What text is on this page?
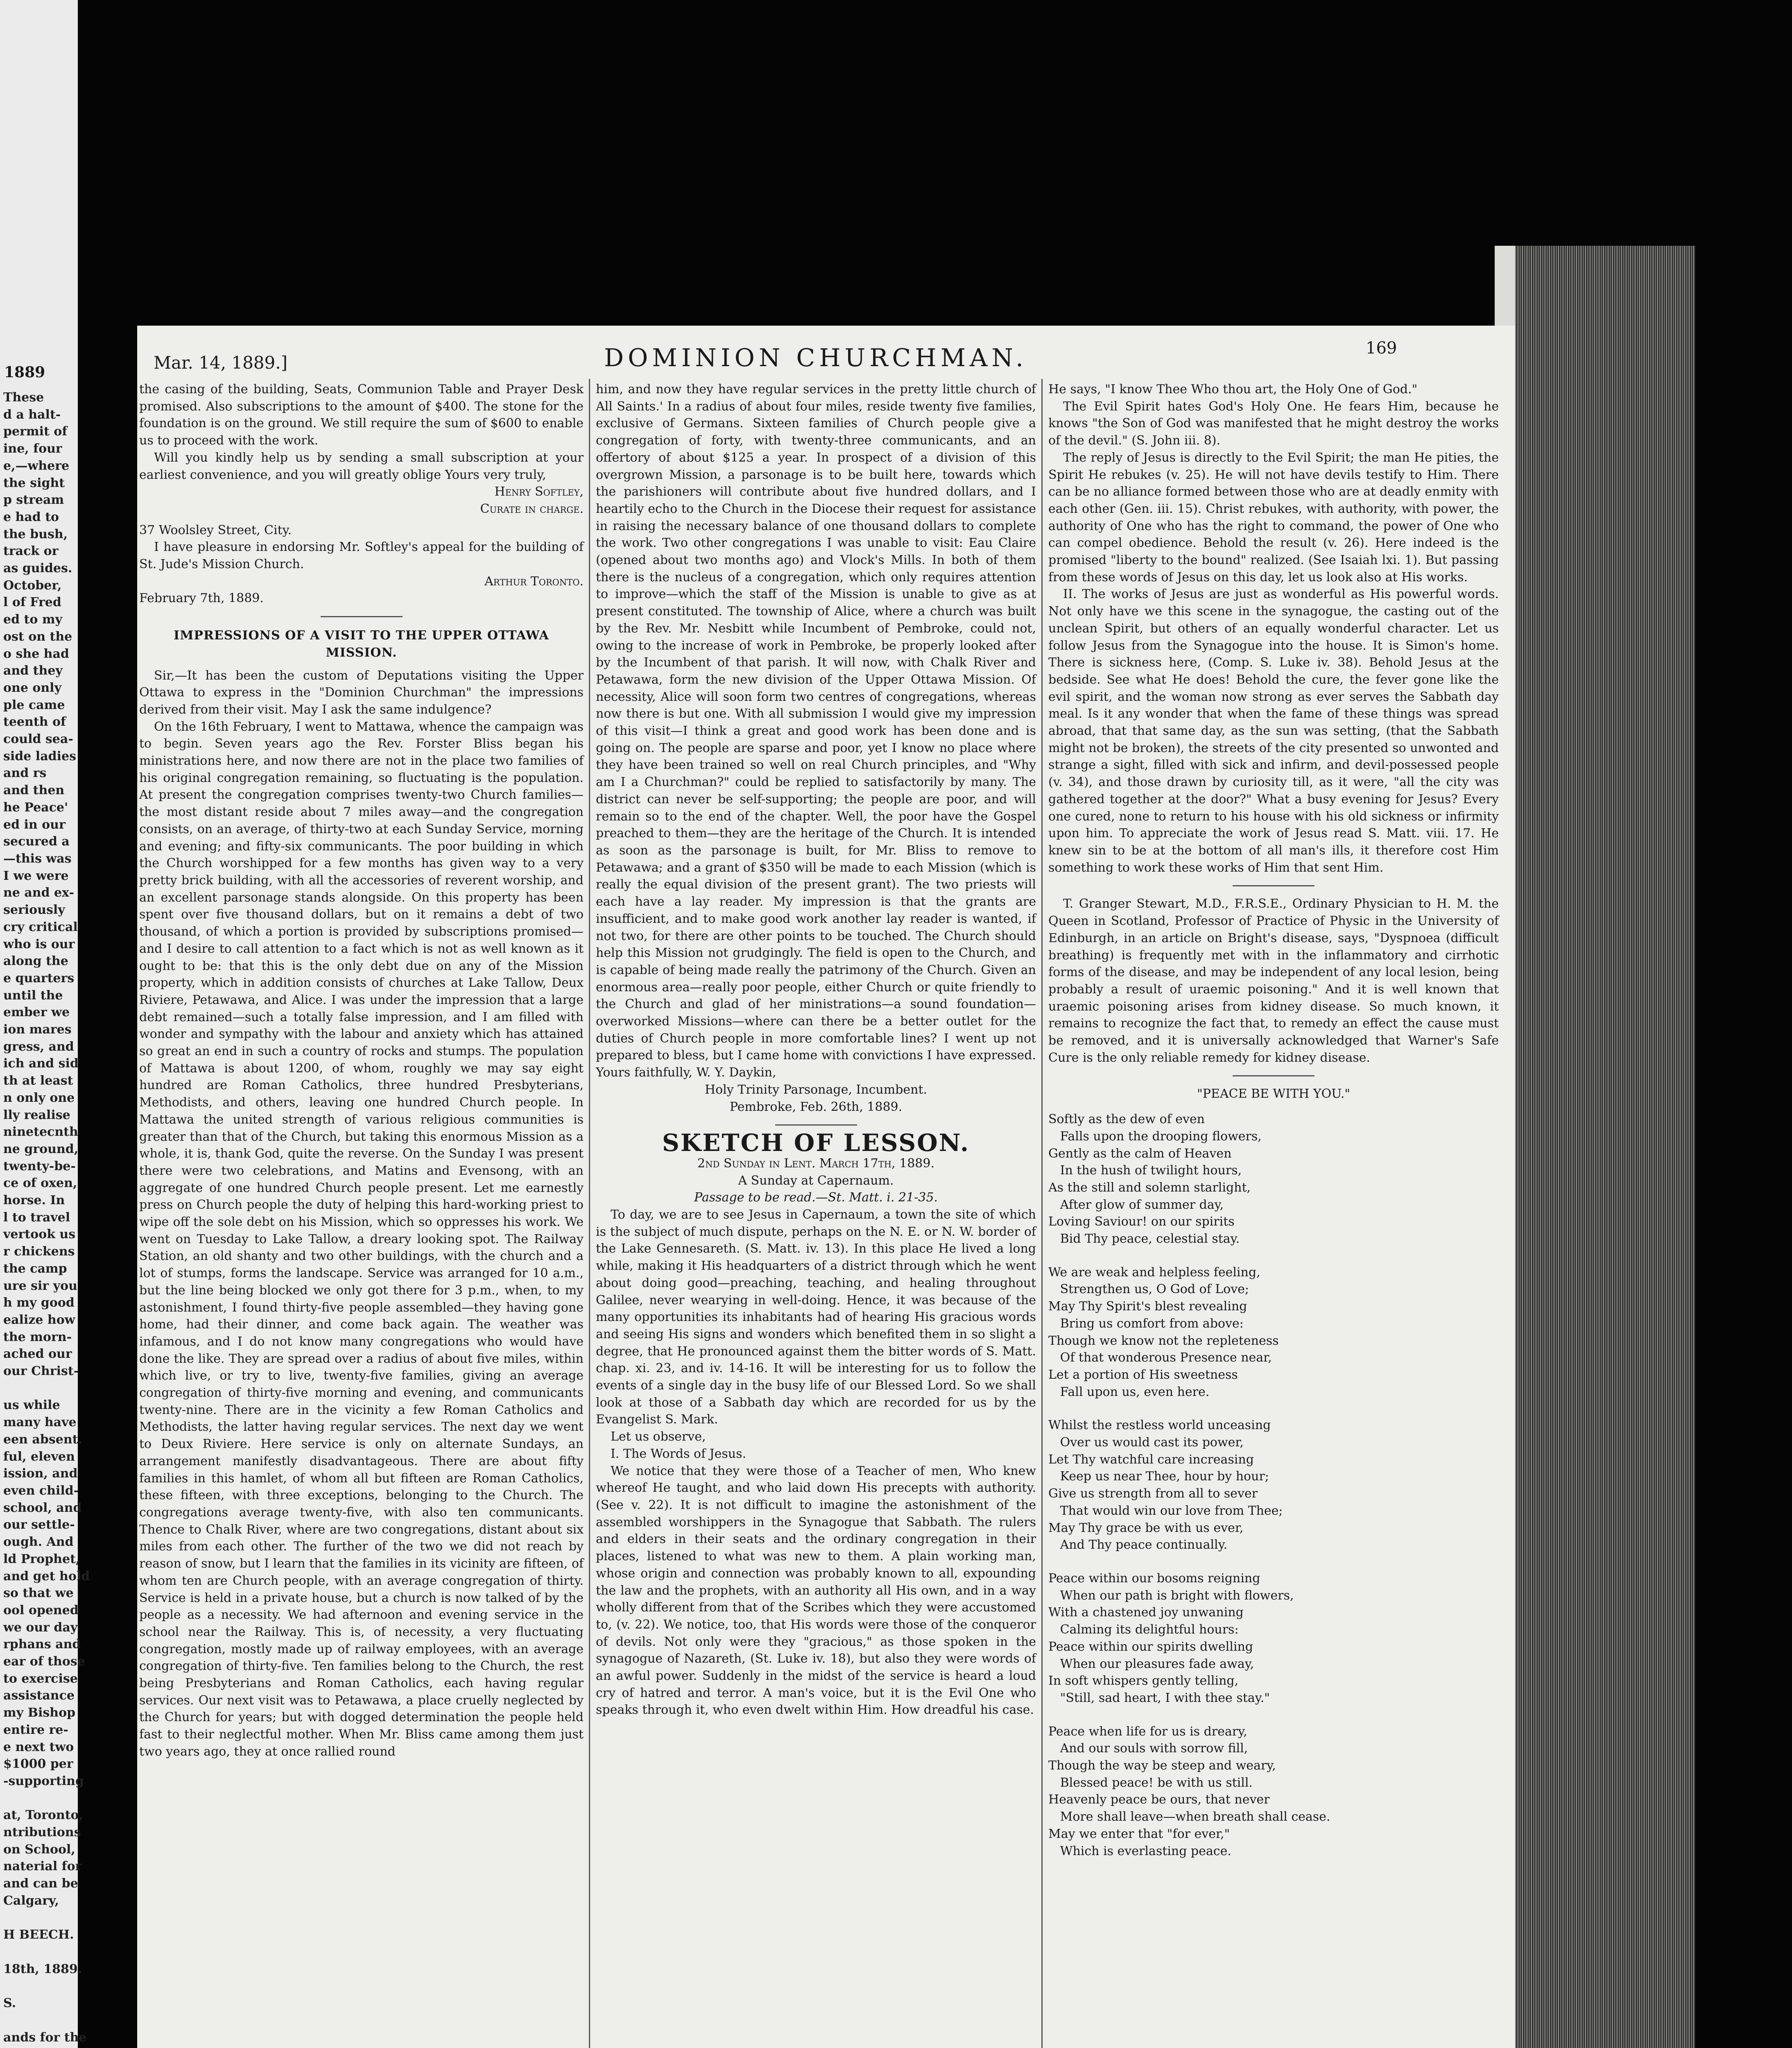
1889
These
d a halt-
permit of
ine, four
e,—where
the sight
p stream
e had to
the bush,
track or
as guides.
October,
l of Fred
ed to my
ost on the
o she had
and they
one only
ple came
teenth of
could sea-
side ladies
and rs
and then
he Peace'
ed in our
secured a
—this was
I we were
ne and ex-
seriously
cry critical
who is our
along the
e quarters
until the
ember we
ion mares
gress, and
ich and sid
th at least
n only one
lly realise
ninetecnth
ne ground,
twenty-be-
ce of oxen,
horse. In
l to travel
vertook us
r chickens
the camp
ure sir you
h my good
ealize how
the morn-
ached our
our Christ-

us while
many have
een absent.
ful, eleven
ission, and
even child-
school, and
our settle-
ough. And
ld Prophet,
and get hold
so that we
ool opened
we our day
rphans and
ear of those
to exercise
assistance
my Bishop
entire re-
e next two
$1000 per
-supporting

at, Toronto,
ntributions
on School,
naterial for
and can be
Calgary,

H BEECH.

18th, 1889.

S.

ands for the

Mar. 14, 1889.]	DOMINION CHURCHMAN.	169

the casing of the building, Seats, Communion Table and Prayer Desk promised. Also subscriptions to the amount of $400. The stone for the foundation is on the ground. We still require the sum of $600 to enable us to proceed with the work.

Will you kindly help us by sending a small subscription at your earliest convenience, and you will greatly oblige Yours very truly,

Henry Softley,

Curate in charge.

37 Woolsley Street, City.

I have pleasure in endorsing Mr. Softley's appeal for the building of St. Jude's Mission Church.

Arthur Toronto.

February 7th, 1889.

IMPRESSIONS OF A VISIT TO THE UPPER OTTAWA MISSION.

Sir,—It has been the custom of Deputations visiting the Upper Ottawa to express in the "Dominion Churchman" the impressions derived from their visit. May I ask the same indulgence?

On the 16th February, I went to Mattawa, whence the campaign was to begin. Seven years ago the Rev. Forster Bliss began his ministrations here, and now there are not in the place two families of his original congregation remaining, so fluctuating is the population. At present the congregation comprises twenty-two Church families—the most distant reside about 7 miles away—and the congregation consists, on an average, of thirty-two at each Sunday Service, morning and evening; and fifty-six communicants. The poor building in which the Church worshipped for a few months has given way to a very pretty brick building, with all the accessories of reverent worship, and an excellent parsonage stands alongside. On this property has been spent over five thousand dollars, but on it remains a debt of two thousand, of which a portion is provided by subscriptions promised—and I desire to call attention to a fact which is not as well known as it ought to be: that this is the only debt due on any of the Mission property, which in addition consists of churches at Lake Tallow, Deux Riviere, Petawawa, and Alice. I was under the impression that a large debt remained—such a totally false impression, and I am filled with wonder and sympathy with the labour and anxiety which has attained so great an end in such a country of rocks and stumps. The population of Mattawa is about 1200, of whom, roughly we may say eight hundred are Roman Catholics, three hundred Presbyterians, Methodists, and others, leaving one hundred Church people. In Mattawa the united strength of various religious communities is greater than that of the Church, but taking this enormous Mission as a whole, it is, thank God, quite the reverse. On the Sunday I was present there were two celebrations, and Matins and Evensong, with an aggregate of one hundred Church people present. Let me earnestly press on Church people the duty of helping this hard-working priest to wipe off the sole debt on his Mission, which so oppresses his work. We went on Tuesday to Lake Tallow, a dreary looking spot. The Railway Station, an old shanty and two other buildings, with the church and a lot of stumps, forms the landscape. Service was arranged for 10 a.m., but the line being blocked we only got there for 3 p.m., when, to my astonishment, I found thirty-five people assembled—they having gone home, had their dinner, and come back again. The weather was infamous, and I do not know many congregations who would have done the like. They are spread over a radius of about five miles, within which live, or try to live, twenty-five families, giving an average congregation of thirty-five morning and evening, and communicants twenty-nine. There are in the vicinity a few Roman Catholics and Methodists, the latter having regular services. The next day we went to Deux Riviere. Here service is only on alternate Sundays, an arrangement manifestly disadvantageous. There are about fifty families in this hamlet, of whom all but fifteen are Roman Catholics, these fifteen, with three exceptions, belonging to the Church. The congregations average twenty-five, with also ten communicants. Thence to Chalk River, where are two congregations, distant about six miles from each other. The further of the two we did not reach by reason of snow, but I learn that the families in its vicinity are fifteen, of whom ten are Church people, with an average congregation of thirty. Service is held in a private house, but a church is now talked of by the people as a necessity. We had afternoon and evening service in the school near the Railway. This is, of necessity, a very fluctuating congregation, mostly made up of railway employees, with an average congregation of thirty-five. Ten families belong to the Church, the rest being Presbyterians and Roman Catholics, each having regular services. Our next visit was to Petawawa, a place cruelly neglected by the Church for years; but with dogged determination the people held fast to their neglectful mother. When Mr. Bliss came among them just two years ago, they at once rallied round

him, and now they have regular services in the pretty little church of All Saints.' In a radius of about four miles, reside twenty five families, exclusive of Germans. Sixteen families of Church people give a congregation of forty, with twenty-three communicants, and an offertory of about $125 a year. In prospect of a division of this overgrown Mission, a parsonage is to be built here, towards which the parishioners will contribute about five hundred dollars, and I heartily echo to the Church in the Diocese their request for assistance in raising the necessary balance of one thousand dollars to complete the work. Two other congregations I was unable to visit: Eau Claire (opened about two months ago) and Vlock's Mills. In both of them there is the nucleus of a congregation, which only requires attention to improve—which the staff of the Mission is unable to give as at present constituted. The township of Alice, where a church was built by the Rev. Mr. Nesbitt while Incumbent of Pembroke, could not, owing to the increase of work in Pembroke, be properly looked after by the Incumbent of that parish. It will now, with Chalk River and Petawawa, form the new division of the Upper Ottawa Mission. Of necessity, Alice will soon form two centres of congregations, whereas now there is but one. With all submission I would give my impression of this visit—I think a great and good work has been done and is going on. The people are sparse and poor, yet I know no place where they have been trained so well on real Church principles, and "Why am I a Churchman?" could be replied to satisfactorily by many. The district can never be self-supporting; the people are poor, and will remain so to the end of the chapter. Well, the poor have the Gospel preached to them—they are the heritage of the Church. It is intended as soon as the parsonage is built, for Mr. Bliss to remove to Petawawa; and a grant of $350 will be made to each Mission (which is really the equal division of the present grant). The two priests will each have a lay reader. My impression is that the grants are insufficient, and to make good work another lay reader is wanted, if not two, for there are other points to be touched. The Church should help this Mission not grudgingly. The field is open to the Church, and is capable of being made really the patrimony of the Church. Given an enormous area—really poor people, either Church or quite friendly to the Church and glad of her ministrations—a sound foundation—overworked Missions—where can there be a better outlet for the duties of Church people in more comfortable lines? I went up not prepared to bless, but I came home with convictions I have expressed. Yours faithfully, W. Y. Daykin,

Holy Trinity Parsonage, Incumbent.

Pembroke, Feb. 26th, 1889.

SKETCH OF LESSON.

2nd Sunday in Lent. March 17th, 1889.

A Sunday at Capernaum.

Passage to be read.—St. Matt. i. 21-35.

To day, we are to see Jesus in Capernaum, a town the site of which is the subject of much dispute, perhaps on the N. E. or N. W. border of the Lake Gennesareth. (S. Matt. iv. 13). In this place He lived a long while, making it His headquarters of a district through which he went about doing good—preaching, teaching, and healing throughout Galilee, never wearying in well-doing. Hence, it was because of the many opportunities its inhabitants had of hearing His gracious words and seeing His signs and wonders which benefited them in so slight a degree, that He pronounced against them the bitter words of S. Matt. chap. xi. 23, and iv. 14-16. It will be interesting for us to follow the events of a single day in the busy life of our Blessed Lord. So we shall look at those of a Sabbath day which are recorded for us by the Evangelist S. Mark.

Let us observe,

I. The Words of Jesus.

We notice that they were those of a Teacher of men, Who knew whereof He taught, and who laid down His precepts with authority. (See v. 22). It is not difficult to imagine the astonishment of the assembled worshippers in the Synagogue that Sabbath. The rulers and elders in their seats and the ordinary congregation in their places, listened to what was new to them. A plain working man, whose origin and connection was probably known to all, expounding the law and the prophets, with an authority all His own, and in a way wholly different from that of the Scribes which they were accustomed to, (v. 22). We notice, too, that His words were those of the conqueror of devils. Not only were they "gracious," as those spoken in the synagogue of Nazareth, (St. Luke iv. 18), but also they were words of an awful power. Suddenly in the midst of the service is heard a loud cry of hatred and terror. A man's voice, but it is the Evil One who speaks through it, who even dwelt within Him. How dreadful his case.

He says, "I know Thee Who thou art, the Holy One of God."

The Evil Spirit hates God's Holy One. He fears Him, because he knows "the Son of God was manifested that he might destroy the works of the devil." (S. John iii. 8).

The reply of Jesus is directly to the Evil Spirit; the man He pities, the Spirit He rebukes (v. 25). He will not have devils testify to Him. There can be no alliance formed between those who are at deadly enmity with each other (Gen. iii. 15). Christ rebukes, with authority, with power, the authority of One who has the right to command, the power of One who can compel obedience. Behold the result (v. 26). Here indeed is the promised "liberty to the bound" realized. (See Isaiah lxi. 1). But passing from these words of Jesus on this day, let us look also at His works.

II. The works of Jesus are just as wonderful as His powerful words. Not only have we this scene in the synagogue, the casting out of the unclean Spirit, but others of an equally wonderful character. Let us follow Jesus from the Synagogue into the house. It is Simon's home. There is sickness here, (Comp. S. Luke iv. 38). Behold Jesus at the bedside. See what He does! Behold the cure, the fever gone like the evil spirit, and the woman now strong as ever serves the Sabbath day meal. Is it any wonder that when the fame of these things was spread abroad, that that same day, as the sun was setting, (that the Sabbath might not be broken), the streets of the city presented so unwonted and strange a sight, filled with sick and infirm, and devil-possessed people (v. 34), and those drawn by curiosity till, as it were, "all the city was gathered together at the door?" What a busy evening for Jesus? Every one cured, none to return to his house with his old sickness or infirmity upon him. To appreciate the work of Jesus read S. Matt. viii. 17. He knew sin to be at the bottom of all man's ills, it therefore cost Him something to work these works of Him that sent Him.

T. Granger Stewart, M.D., F.R.S.E., Ordinary Physician to H. M. the Queen in Scotland, Professor of Practice of Physic in the University of Edinburgh, in an article on Bright's disease, says, "Dyspnoea (difficult breathing) is frequently met with in the inflammatory and cirrhotic forms of the disease, and may be independent of any local lesion, being probably a result of uraemic poisoning." And it is well known that uraemic poisoning arises from kidney disease. So much known, it remains to recognize the fact that, to remedy an effect the cause must be removed, and it is universally acknowledged that Warner's Safe Cure is the only reliable remedy for kidney disease.

"PEACE BE WITH YOU."

Softly as the dew of even
Falls upon the drooping flowers,
Gently as the calm of Heaven
In the hush of twilight hours,
As the still and solemn starlight,
After glow of summer day,
Loving Saviour! on our spirits
Bid Thy peace, celestial stay.
We are weak and helpless feeling,
Strengthen us, O God of Love;
May Thy Spirit's blest revealing
Bring us comfort from above:
Though we know not the repleteness
Of that wonderous Presence near,
Let a portion of His sweetness
Fall upon us, even here.
Whilst the restless world unceasing
Over us would cast its power,
Let Thy watchful care increasing
Keep us near Thee, hour by hour;
Give us strength from all to sever
That would win our love from Thee;
May Thy grace be with us ever,
And Thy peace continually.
Peace within our bosoms reigning
When our path is bright with flowers,
With a chastened joy unwaning
Calming its delightful hours:
Peace within our spirits dwelling
When our pleasures fade away,
In soft whispers gently telling,
"Still, sad heart, I with thee stay."
Peace when life for us is dreary,
And our souls with sorrow fill,
Though the way be steep and weary,
Blessed peace! be with us still.
Heavenly peace be ours, that never
More shall leave—when breath shall cease.
May we enter that "for ever,"
Which is everlasting peace.
